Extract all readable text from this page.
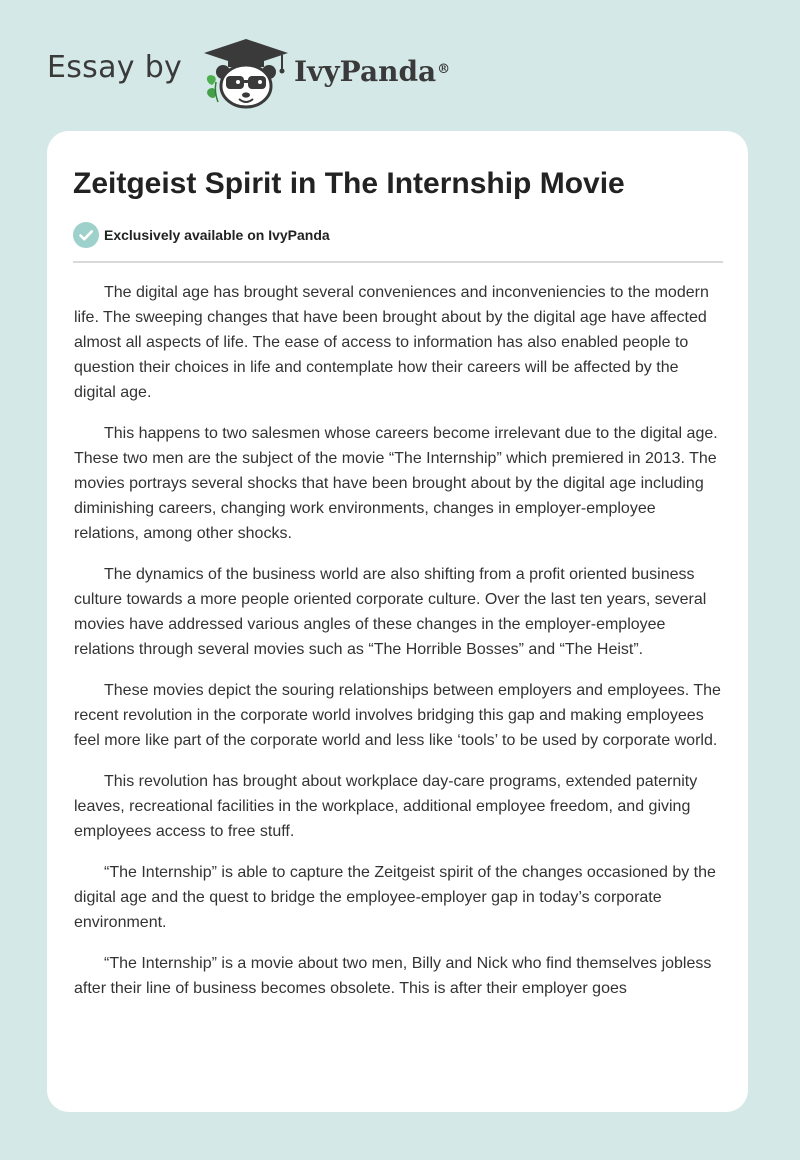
Essay by	IvyPanda®
Zeitgeist Spirit in The Internship Movie
Exclusively available on IvyPanda

The digital age has brought several conveniences and inconveniencies to the modern life. The sweeping changes that have been brought about by the digital age have affected almost all aspects of life. The ease of access to information has also enabled people to question their choices in life and contemplate how their careers will be affected by the digital age.

This happens to two salesmen whose careers become irrelevant due to the digital age. These two men are the subject of the movie “The Internship” which premiered in 2013. The movies portrays several shocks that have been brought about by the digital age including diminishing careers, changing work environments, changes in employer-employee relations, among other shocks.

The dynamics of the business world are also shifting from a profit oriented business culture towards a more people oriented corporate culture. Over the last ten years, several movies have addressed various angles of these changes in the employer-employee relations through several movies such as “The Horrible Bosses” and “The Heist”.

These movies depict the souring relationships between employers and employees. The recent revolution in the corporate world involves bridging this gap and making employees feel more like part of the corporate world and less like ‘tools’ to be used by corporate world.

This revolution has brought about workplace day-care programs, extended paternity leaves, recreational facilities in the workplace, additional employee freedom, and giving employees access to free stuff.

“The Internship” is able to capture the Zeitgeist spirit of the changes occasioned by the digital age and the quest to bridge the employee-employer gap in today’s corporate environment.

“The Internship” is a movie about two men, Billy and Nick who find themselves jobless after their line of business becomes obsolete. This is after their employer goes
